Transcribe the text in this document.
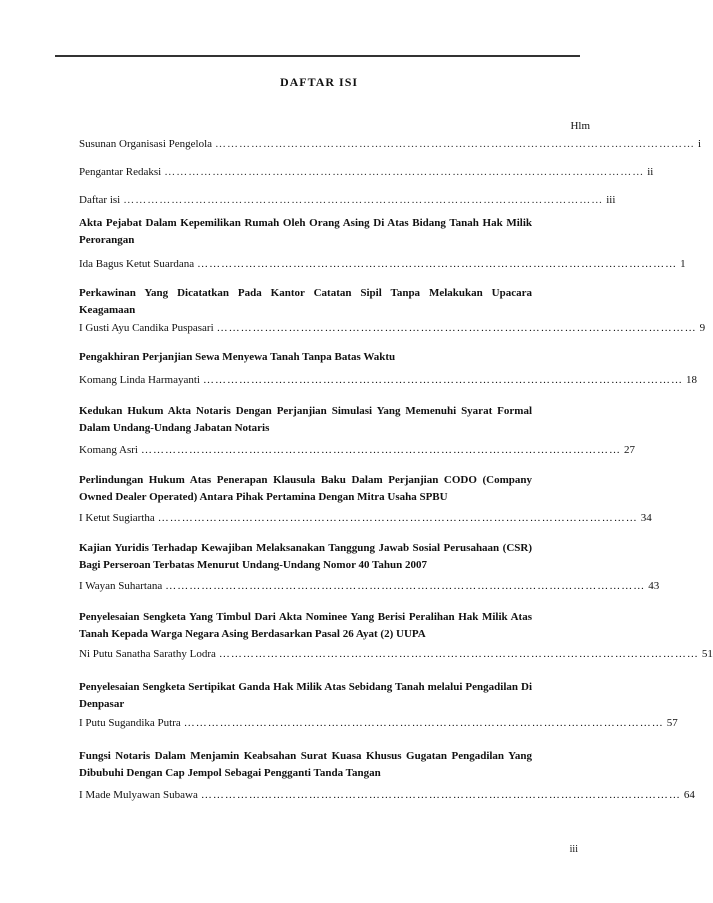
DAFTAR ISI
Hlm
Susunan Organisasi Pengelola ………………………………………………………………………………………………………… i
Pengantar Redaksi ………………………………………………………………………………………………………… ii
Daftar isi ………………………………………………………………………………………………………… iii
Akta Pejabat Dalam Kepemilikan Rumah Oleh Orang Asing Di Atas Bidang Tanah Hak Milik Perorangan
Ida Bagus Ketut Suardana ………………………………………………………………………………………………………… 1
Perkawinan Yang Dicatatkan Pada Kantor Catatan Sipil Tanpa Melakukan Upacara Keagamaan
I Gusti Ayu Candika Puspasari ………………………………………………………………………………………………………… 9
Pengakhiran Perjanjian Sewa Menyewa Tanah Tanpa Batas Waktu
Komang Linda Harmayanti ………………………………………………………………………………………………………… 18
Kedukan Hukum Akta Notaris Dengan Perjanjian Simulasi Yang Memenuhi Syarat Formal Dalam Undang-Undang Jabatan Notaris
Komang Asri ………………………………………………………………………………………………………… 27
Perlindungan Hukum Atas Penerapan Klausula Baku Dalam Perjanjian CODO (Company Owned Dealer Operated) Antara Pihak Pertamina Dengan Mitra Usaha SPBU
I Ketut Sugiartha ………………………………………………………………………………………………………… 34
Kajian Yuridis Terhadap Kewajiban Melaksanakan Tanggung Jawab Sosial Perusahaan (CSR) Bagi Perseroan Terbatas Menurut Undang-Undang Nomor 40 Tahun 2007
I Wayan Suhartana ………………………………………………………………………………………………………… 43
Penyelesaian Sengketa Yang Timbul Dari Akta Nominee Yang Berisi Peralihan Hak Milik Atas Tanah Kepada Warga Negara Asing Berdasarkan Pasal 26 Ayat (2) UUPA
Ni Putu Sanatha Sarathy Lodra ………………………………………………………………………………………………………… 51
Penyelesaian Sengketa Sertipikat Ganda Hak Milik Atas Sebidang Tanah melalui Pengadilan Di Denpasar
I Putu Sugandika Putra ………………………………………………………………………………………………………… 57
Fungsi Notaris Dalam Menjamin Keabsahan Surat Kuasa Khusus Gugatan Pengadilan Yang Dibubuhi Dengan Cap Jempol Sebagai Pengganti Tanda Tangan
I Made Mulyawan Subawa ………………………………………………………………………………………………………… 64
iii
